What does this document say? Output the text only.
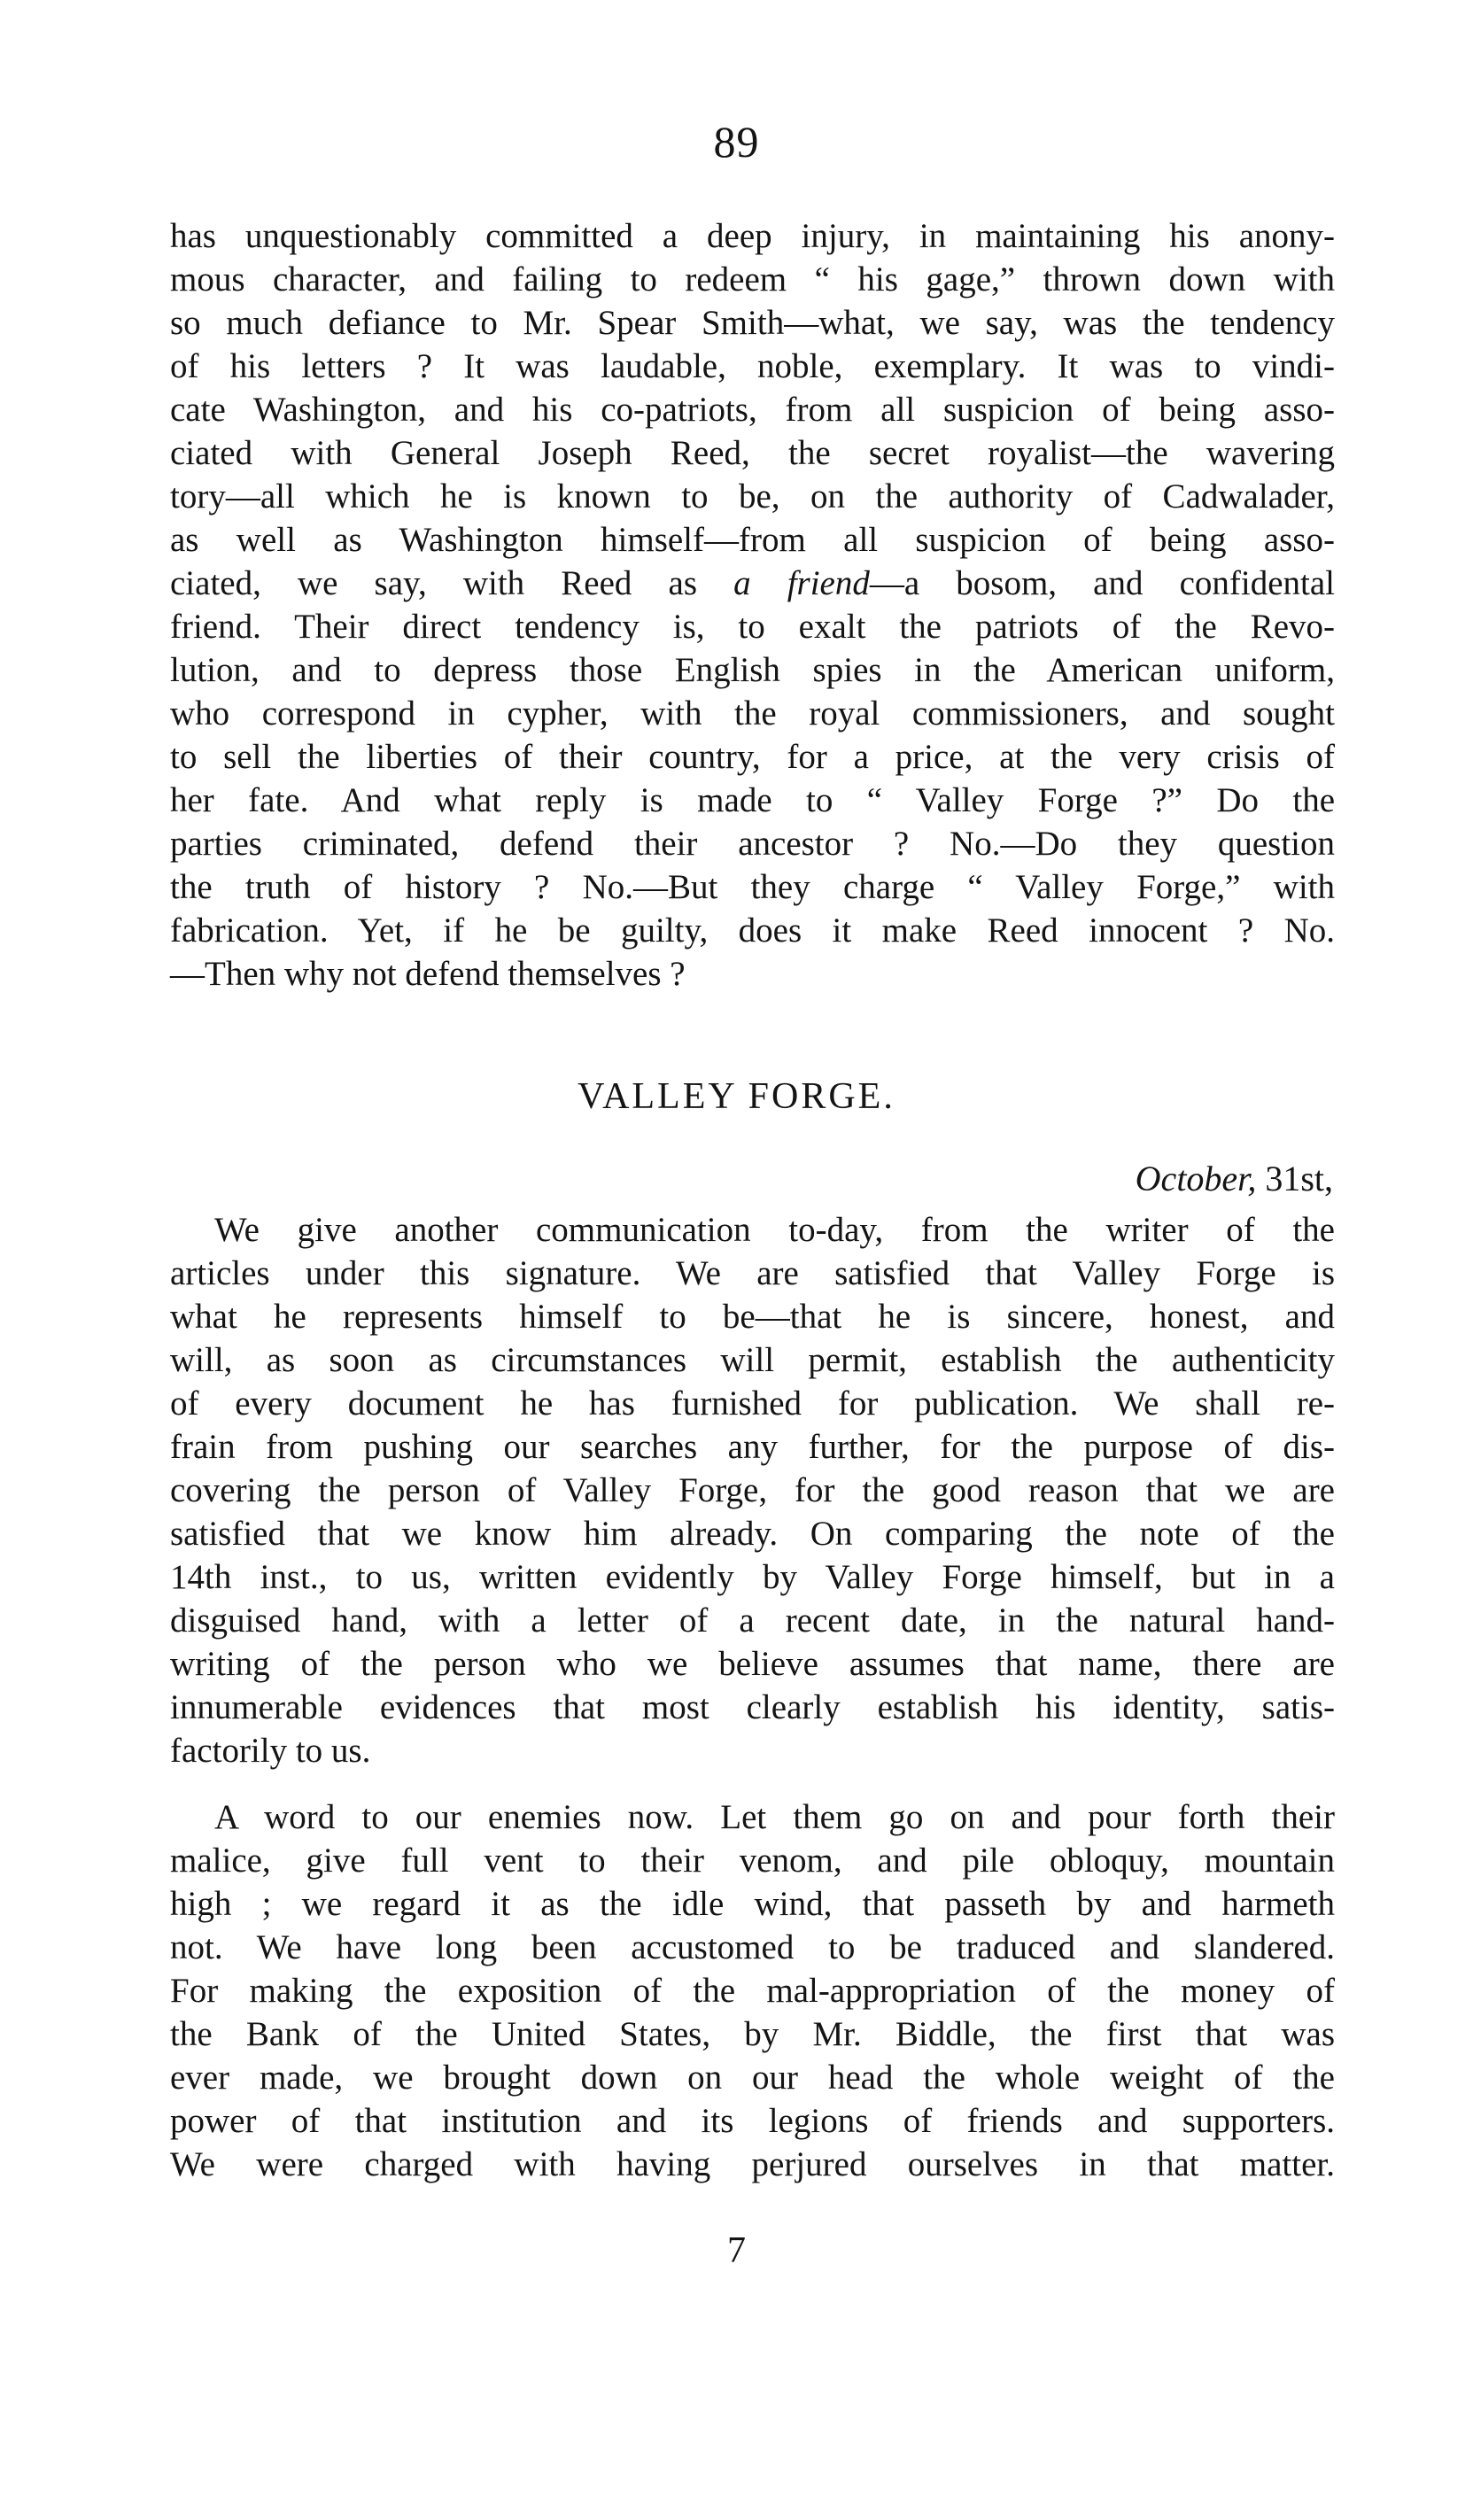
89
has unquestionably committed a deep injury, in maintaining his anony-
mous character, and failing to redeem “ his gage,” thrown down with
so much defiance to Mr. Spear Smith—what, we say, was the tendency
of his letters ? It was laudable, noble, exemplary. It was to vindi-
cate Washington, and his co-patriots, from all suspicion of being asso-
ciated with General Joseph Reed, the secret royalist—the wavering
tory—all which he is known to be, on the authority of Cadwalader,
as well as Washington himself—from all suspicion of being asso-
ciated, we say, with Reed as a friend—a bosom, and confidental
friend. Their direct tendency is, to exalt the patriots of the Revo-
lution, and to depress those English spies in the American uniform,
who correspond in cypher, with the royal commissioners, and sought
to sell the liberties of their country, for a price, at the very crisis of
her fate. And what reply is made to “ Valley Forge ?” Do the
parties criminated, defend their ancestor ? No.—Do they question
the truth of history ? No.—But they charge “ Valley Forge,” with
fabrication. Yet, if he be guilty, does it make Reed innocent ? No.
—Then why not defend themselves ?
VALLEY FORGE.
October, 31st,
We give another communication to-day, from the writer of the
articles under this signature. We are satisfied that Valley Forge is
what he represents himself to be—that he is sincere, honest, and
will, as soon as circumstances will permit, establish the authenticity
of every document he has furnished for publication. We shall re-
frain from pushing our searches any further, for the purpose of dis-
covering the person of Valley Forge, for the good reason that we are
satisfied that we know him already. On comparing the note of the
14th inst., to us, written evidently by Valley Forge himself, but in a
disguised hand, with a letter of a recent date, in the natural hand-
writing of the person who we believe assumes that name, there are
innumerable evidences that most clearly establish his identity, satis-
factorily to us.
A word to our enemies now. Let them go on and pour forth their
malice, give full vent to their venom, and pile obloquy, mountain
high ; we regard it as the idle wind, that passeth by and harmeth
not. We have long been accustomed to be traduced and slandered.
For making the exposition of the mal-appropriation of the money of
the Bank of the United States, by Mr. Biddle, the first that was
ever made, we brought down on our head the whole weight of the
power of that institution and its legions of friends and supporters.
We were charged with having perjured ourselves in that matter.
7
